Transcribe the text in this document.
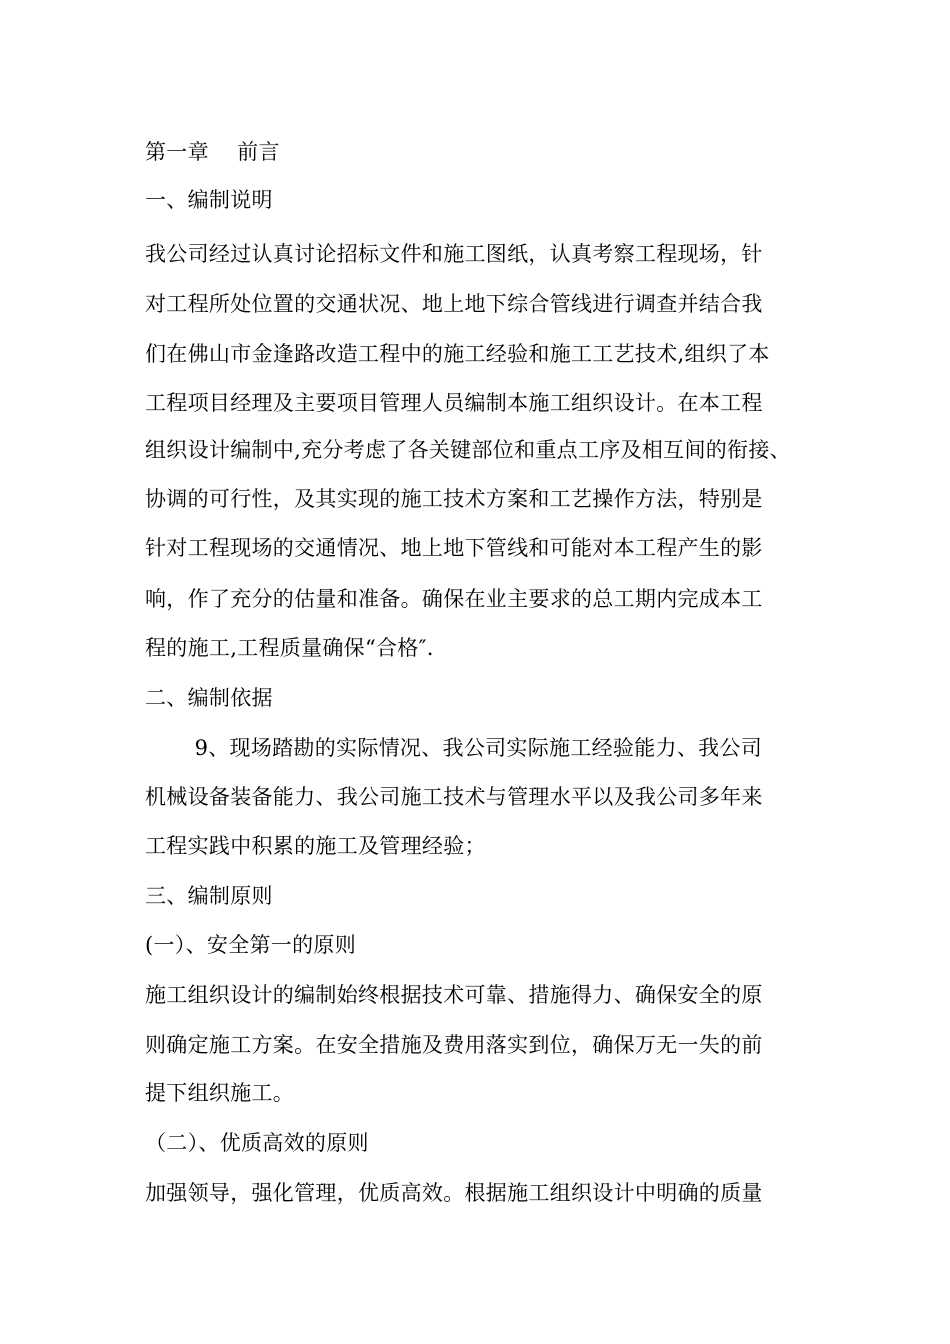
第一章　 前言
一、编制说明
我公司经过认真讨论招标文件和施工图纸，认真考察工程现场，针
对工程所处位置的交通状况、地上地下综合管线进行调查并结合我
们在佛山市金逢路改造工程中的施工经验和施工工艺技术,组织了本
工程项目经理及主要项目管理人员编制本施工组织设计。在本工程
组织设计编制中,充分考虑了各关键部位和重点工序及相互间的衔接、
协调的可行性，及其实现的施工技术方案和工艺操作方法，特别是
针对工程现场的交通情况、地上地下管线和可能对本工程产生的影
响，作了充分的估量和准备。确保在业主要求的总工期内完成本工
程的施工,工程质量确保“合格″.
二、编制依据
　　 9、现场踏勘的实际情况、我公司实际施工经验能力、我公司
机械设备装备能力、我公司施工技术与管理水平以及我公司多年来
工程实践中积累的施工及管理经验；
三、编制原则
(一）、安全第一的原则
施工组织设计的编制始终根据技术可靠、措施得力、确保安全的原
则确定施工方案。在安全措施及费用落实到位，确保万无一失的前
提下组织施工。
（二）、优质高效的原则
加强领导，强化管理，优质高效。根据施工组织设计中明确的质量
